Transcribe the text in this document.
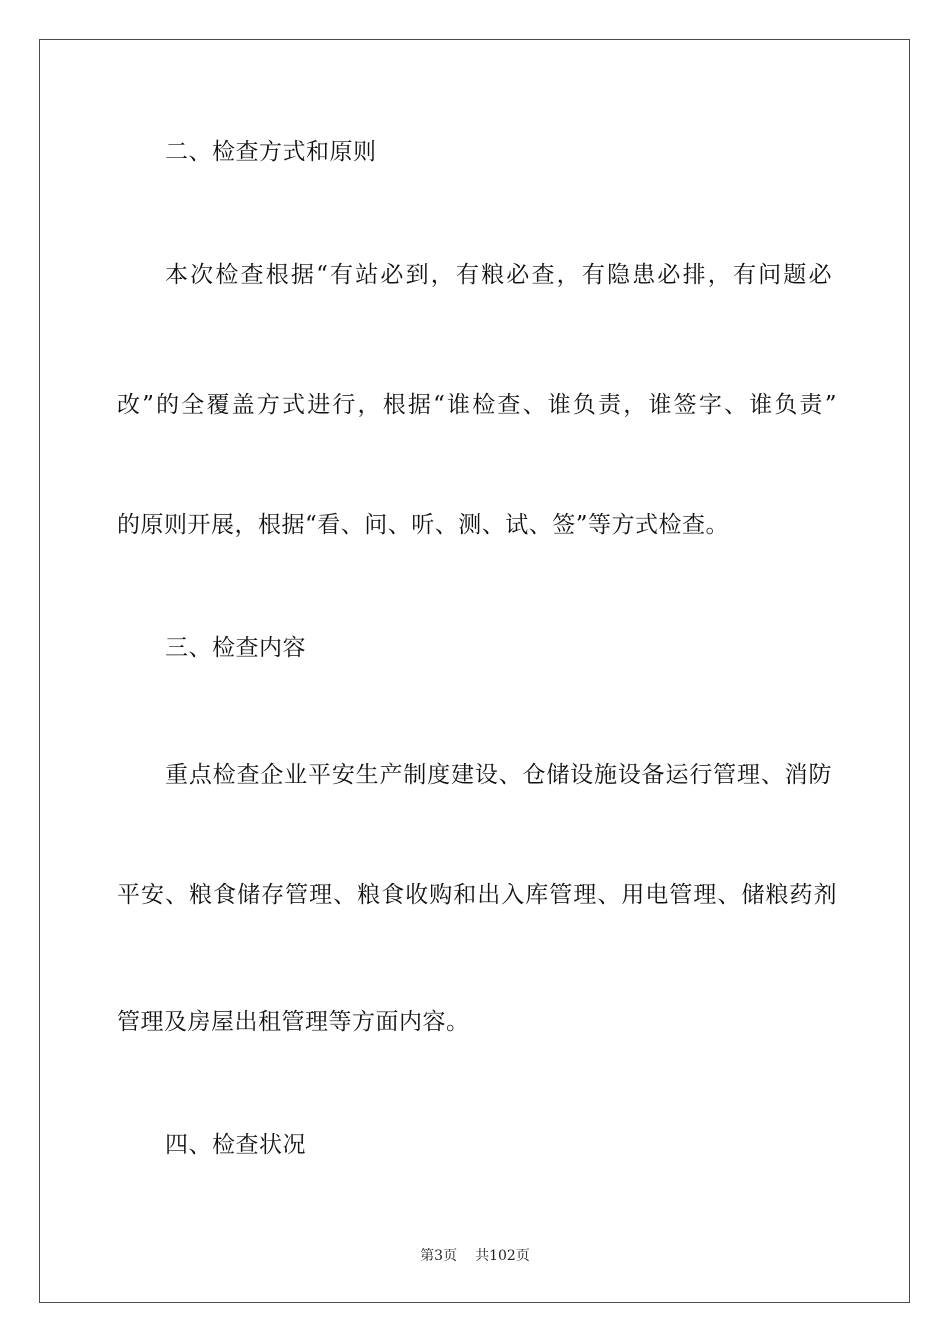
二、检查方式和原则
本次检查根据“有站必到，有粮必查，有隐患必排，有问题必
改”的全覆盖方式进行，根据“谁检查、谁负责，谁签字、谁负责”
的原则开展，根据“看、问、听、测、试、签”等方式检查。
三、检查内容
重点检查企业平安生产制度建设、仓储设施设备运行管理、消防
平安、粮食储存管理、粮食收购和出入库管理、用电管理、储粮药剂
管理及房屋出租管理等方面内容。
四、检查状况
第3页 共102页
